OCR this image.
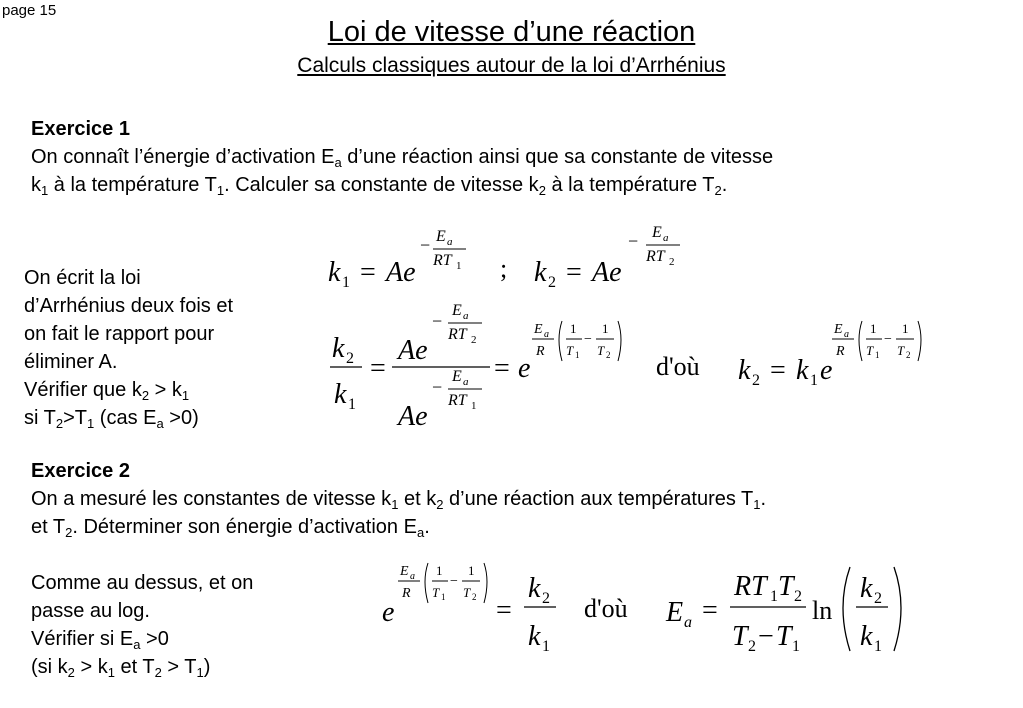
page 15
Loi de vitesse d’une réaction
Calculs classiques autour de la loi d’Arrhénius
Exercice 1
On connaît l’énergie d’activation $E_a$ d’une réaction ainsi que sa constante de vitesse
$k_1$ à la température $T_1$. Calculer sa constante de vitesse $k_2$ à la température $T_2$.
On écrit la loi
d’Arrhénius deux fois et
on fait le rapport pour
éliminer A.
Vérifier que $k_2 > k_1$
si $T_2>T_1$ (cas $E_a >0$)
k 1 = Ae
− E a
RT 1 ; k 2 = Ae
− E a
RT 2
k 2
k 1
=
Ae
−
E a
RT 2
Ae
−
E a
RT 1
= e
E a
R
1
T 1
−
1
T 2 d'où k 2 = k 1 e
E a
R
1
T 1
−
1
T 2
Exercice 2
On a mesuré les constantes de vitesse $k_1$ et $k_2$ d’une réaction aux températures $T_1$.
et $T_2$. Déterminer son énergie d’activation $E_a$.
Comme au dessus, et on
passe au log.
Vérifier si $E_a >0$
(si $k_2 > k_1$ et $T_2 > T_1$)
e
E a
R
1
T 1
−
1
T 2 =
k 2
k 1
d'où E a =
RT 1 T 2
T 2 − T 1
ln
k 2
k 1
